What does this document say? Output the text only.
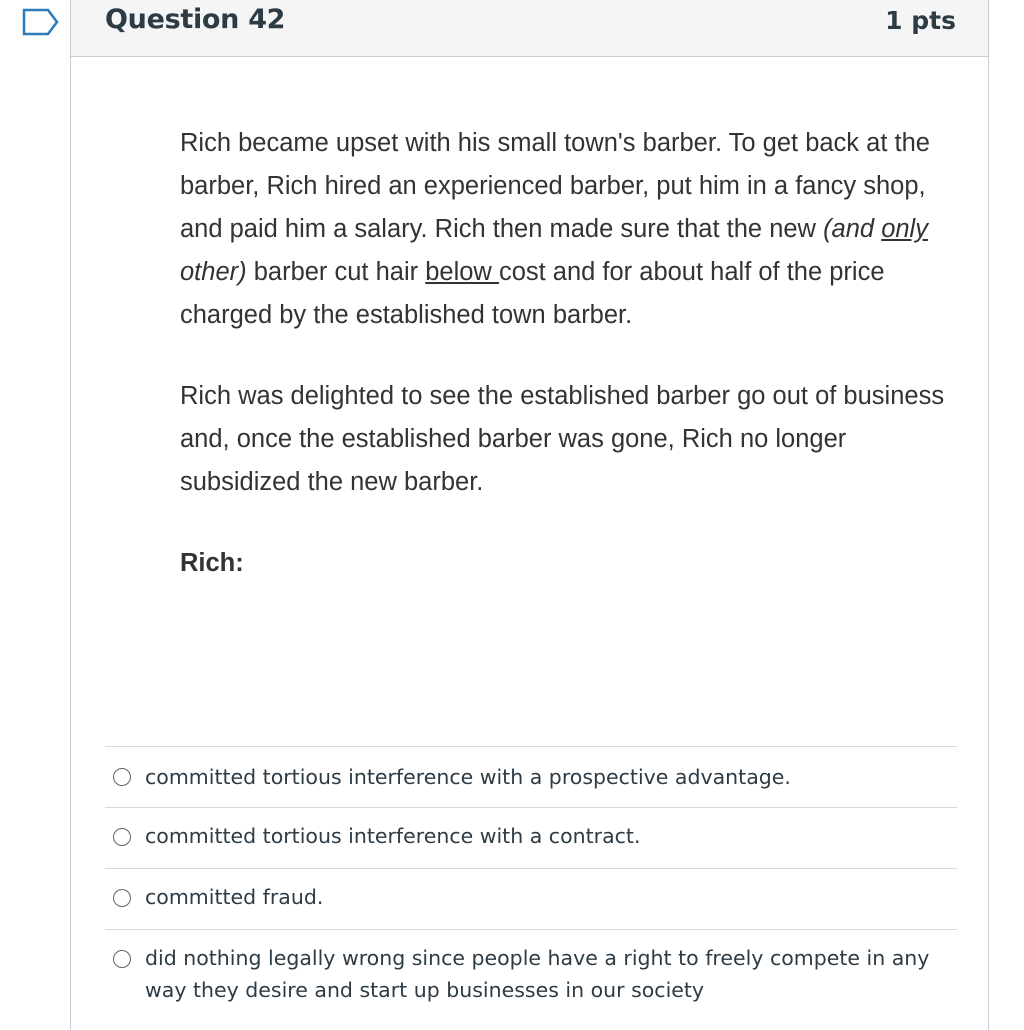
Question 42	1 pts

Rich became upset with his small town's barber. To get back at the barber, Rich hired an experienced barber, put him in a fancy shop, and paid him a salary. Rich then made sure that the new (and only other) barber cut hair below cost and for about half of the price charged by the established town barber.

Rich was delighted to see the established barber go out of business and, once the established barber was gone, Rich no longer subsidized the new barber.

Rich:

committed tortious interference with a prospective advantage.
committed tortious interference with a contract.
committed fraud.
did nothing legally wrong since people have a right to freely compete in any way they desire and start up businesses in our society
